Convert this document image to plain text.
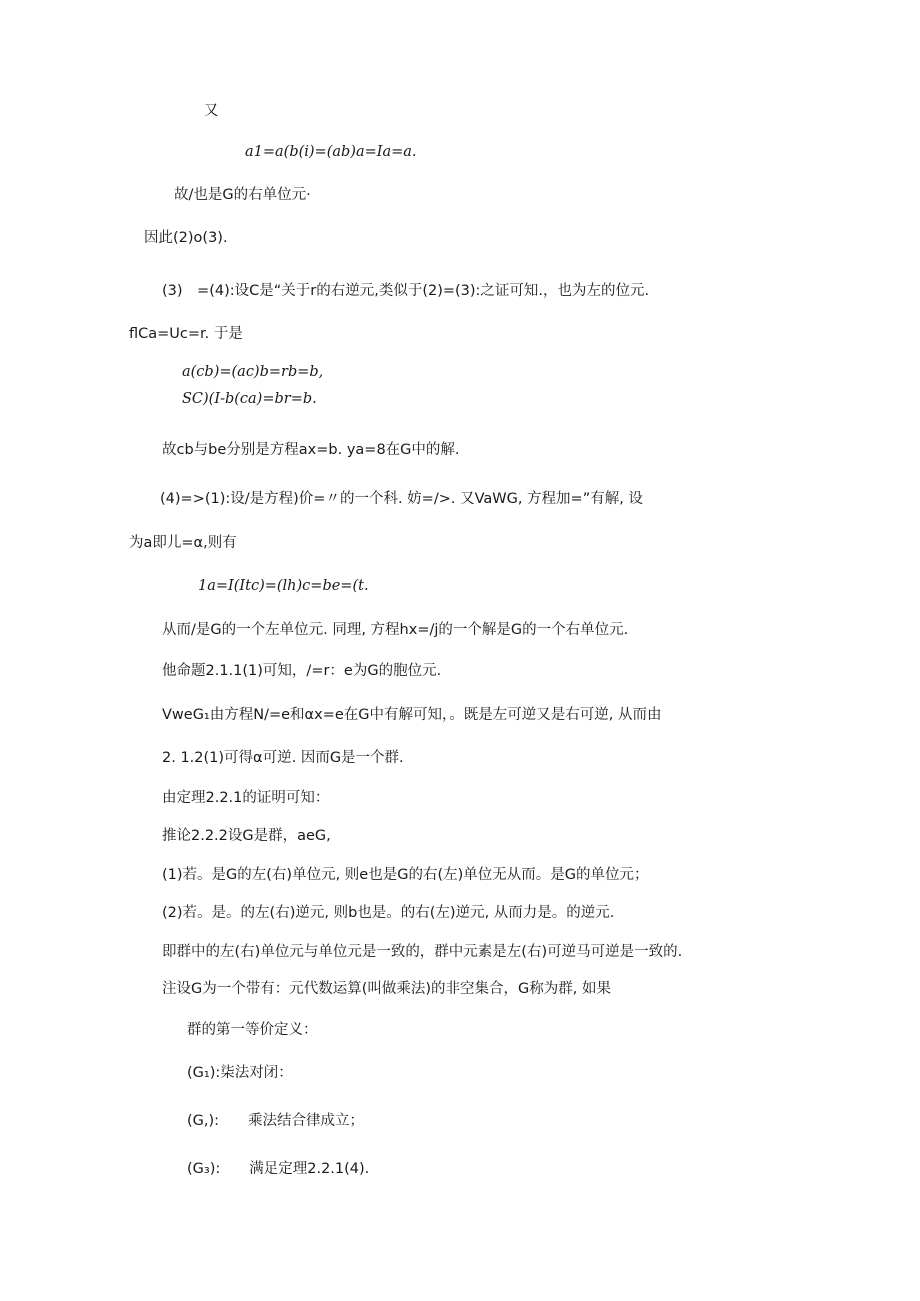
又
a1=a(b(i)=(ab)a=Ia=a.
故/也是G的右单位元·
因此(2)o(3).
(3)　=(4):设C是“关于r的右逆元,类似于(2)=(3):之证可知.，也为左的位元.
flCa=Uc=r. 于是
a(cb)=(ac)b=rb=b,
SC)(I-b(ca)=br=b.
故cb与be分别是方程ax=b. ya=8在G中的解.
(4)=>(1):设/是方程)价=〃的一个科. 妨=/>. 又VaWG, 方程加=”有解, 设
为a即儿=α,则有
1a=I(Itc)=(lh)c=be=(t.
从而/是G的一个左单位元. 同理, 方程hx=∕j的一个解是G的一个右单位元.
他命题2.1.1(1)可知，/=r：e为G的胞位元.
VweG₁由方程N/=e和αx=e在G中有解可知，。既是左可逆又是右可逆, 从而由
2. 1.2(1)可得α可逆. 因而G是一个群.
由定理2.2.1的证明可知：
推论2.2.2设G是群，aeG,
(1)若。是G的左(右)单位元, 则e也是G的右(左)单位无从而。是G的单位元；
(2)若。是。的左(右)逆元, 则b也是。的右(左)逆元, 从而力是。的逆元.
即群中的左(右)单位元与单位元是一致的，群中元素是左(右)可逆马可逆是一致的.
注设G为一个带有：元代数运算(叫做乘法)的非空集合，G称为群, 如果
群的第一等价定义：
(G₁):柒法对闭：
(G,):　　乘法结合律成立；
(G₃):　　满足定理2.2.1(4).
